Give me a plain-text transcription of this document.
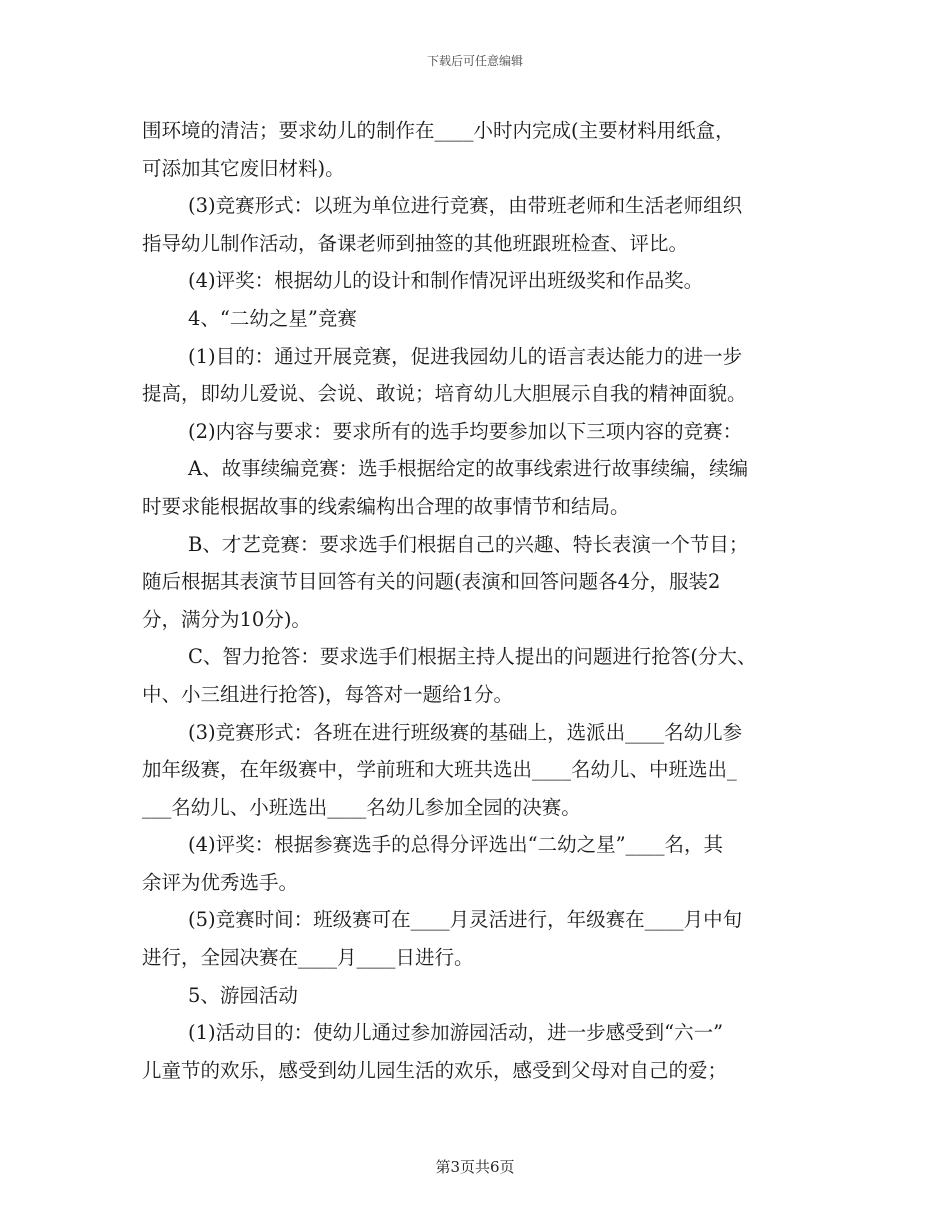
下载后可任意编辑
围环境的清洁；要求幼儿的制作在____小时内完成(主要材料用纸盒，
可添加其它废旧材料)。
(3)竞赛形式：以班为单位进行竞赛，由带班老师和生活老师组织
指导幼儿制作活动，备课老师到抽签的其他班跟班检查、评比。
(4)评奖：根据幼儿的设计和制作情况评出班级奖和作品奖。
4、“二幼之星”竞赛
(1)目的：通过开展竞赛，促进我园幼儿的语言表达能力的进一步
提高，即幼儿爱说、会说、敢说；培育幼儿大胆展示自我的精神面貌。
(2)内容与要求：要求所有的选手均要参加以下三项内容的竞赛：
A、故事续编竞赛：选手根据给定的故事线索进行故事续编，续编
时要求能根据故事的线索编构出合理的故事情节和结局。
B、才艺竞赛：要求选手们根据自己的兴趣、特长表演一个节目；
随后根据其表演节目回答有关的问题(表演和回答问题各4分，服装2
分，满分为10分)。
C、智力抢答：要求选手们根据主持人提出的问题进行抢答(分大、
中、小三组进行抢答)，每答对一题给1分。
(3)竞赛形式：各班在进行班级赛的基础上，选派出____名幼儿参
加年级赛，在年级赛中，学前班和大班共选出____名幼儿、中班选出_
___名幼儿、小班选出____名幼儿参加全园的决赛。
(4)评奖：根据参赛选手的总得分评选出“二幼之星”____名，其
余评为优秀选手。
(5)竞赛时间：班级赛可在____月灵活进行，年级赛在____月中旬
进行，全园决赛在____月____日进行。
5、游园活动
(1)活动目的：使幼儿通过参加游园活动，进一步感受到“六一”
儿童节的欢乐，感受到幼儿园生活的欢乐，感受到父母对自己的爱；
第3页共6页
